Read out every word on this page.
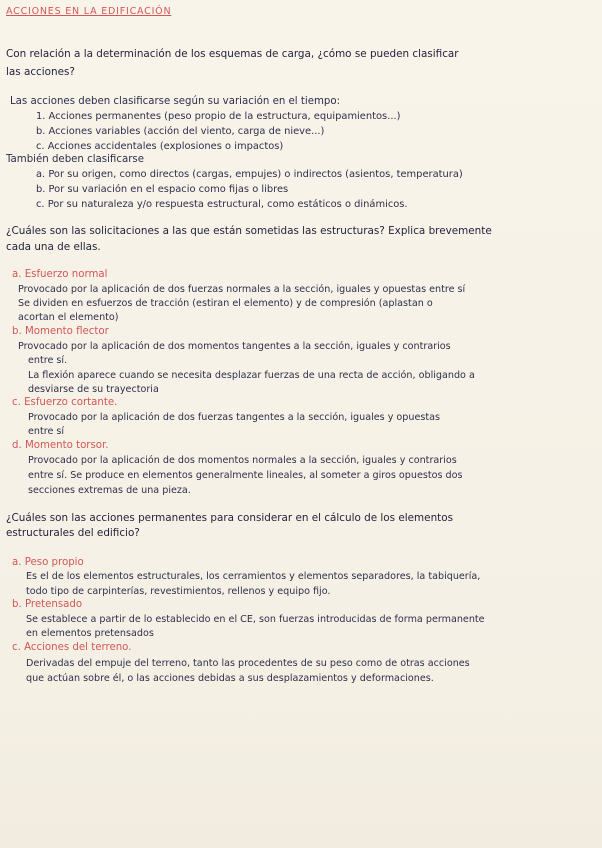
ACCIONES EN LA EDIFICACIÓN
Con relación a la determinación de los esquemas de carga, ¿cómo se pueden clasificar
las acciones?
Las acciones deben clasificarse según su variación en el tiempo:
1. Acciones permanentes (peso propio de la estructura, equipamientos...)
b. Acciones variables (acción del viento, carga de nieve...)
c. Acciones accidentales (explosiones o impactos)
También deben clasificarse
a. Por su origen, como directos (cargas, empujes) o indirectos (asientos, temperatura)
b. Por su variación en el espacio como fijas o libres
c. Por su naturaleza y/o respuesta estructural, como estáticos o dinámicos.
¿Cuáles son las solicitaciones a las que están sometidas las estructuras? Explica brevemente
cada una de ellas.
a. Esfuerzo normal
Provocado por la aplicación de dos fuerzas normales a la sección, iguales y opuestas entre sí
Se dividen en esfuerzos de tracción (estiran el elemento) y de compresión (aplastan o
acortan el elemento)
b. Momento flector
Provocado por la aplicación de dos momentos tangentes a la sección, iguales y contrarios
entre sí.
La flexión aparece cuando se necesita desplazar fuerzas de una recta de acción, obligando a
desviarse de su trayectoria
c. Esfuerzo cortante.
Provocado por la aplicación de dos fuerzas tangentes a la sección, iguales y opuestas
entre sí
d. Momento torsor.
Provocado por la aplicación de dos momentos normales a la sección, iguales y contrarios
entre sí. Se produce en elementos generalmente lineales, al someter a giros opuestos dos
secciones extremas de una pieza.
¿Cuáles son las acciones permanentes para considerar en el cálculo de los elementos
estructurales del edificio?
a. Peso propio
Es el de los elementos estructurales, los cerramientos y elementos separadores, la tabiquería,
todo tipo de carpinterías, revestimientos, rellenos y equipo fijo.
b. Pretensado
Se establece a partir de lo establecido en el CE, son fuerzas introducidas de forma permanente
en elementos pretensados
c. Acciones del terreno.
Derivadas del empuje del terreno, tanto las procedentes de su peso como de otras acciones
que actúan sobre él, o las acciones debidas a sus desplazamientos y deformaciones.
